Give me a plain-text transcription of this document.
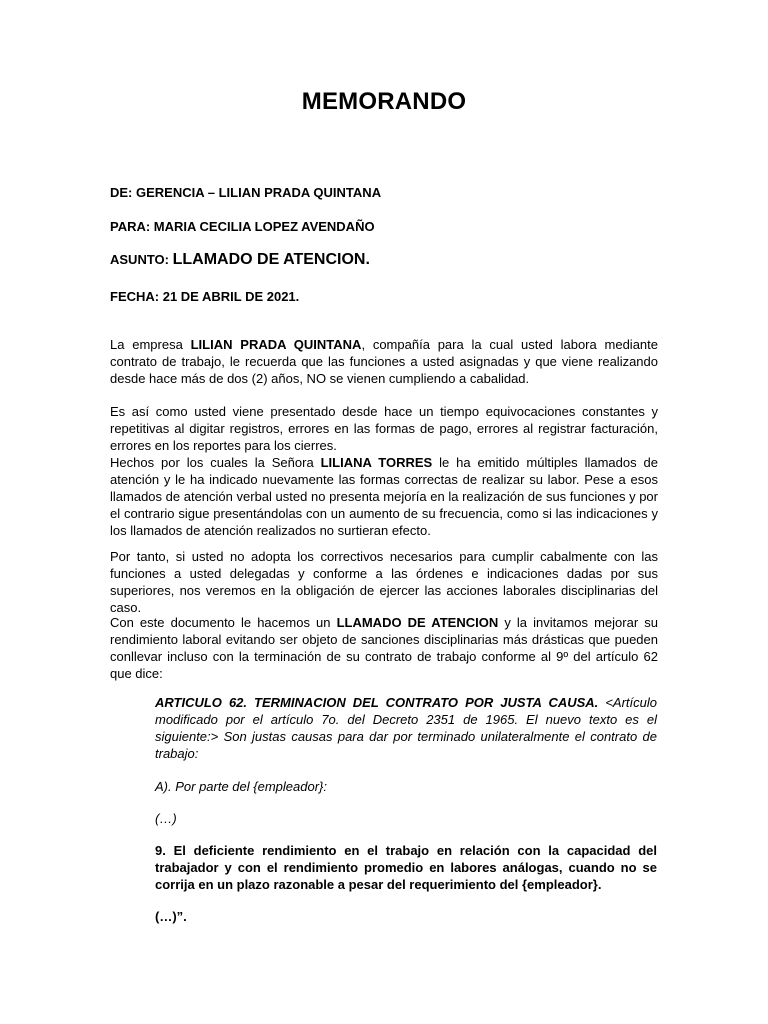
MEMORANDO
DE: GERENCIA – LILIAN PRADA QUINTANA
PARA: MARIA CECILIA LOPEZ AVENDAÑO
ASUNTO: LLAMADO DE ATENCION.
FECHA: 21 DE ABRIL DE 2021.
La empresa LILIAN PRADA QUINTANA, compañía para la cual usted labora mediante contrato de trabajo, le recuerda que las funciones a usted asignadas y que viene realizando desde hace más de dos (2) años, NO se vienen cumpliendo a cabalidad.
Es así como usted viene presentado desde hace un tiempo equivocaciones constantes y repetitivas al digitar registros, errores en las formas de pago, errores al registrar facturación, errores en los reportes para los cierres.
Hechos por los cuales la Señora LILIANA TORRES le ha emitido múltiples llamados de atención y le ha indicado nuevamente las formas correctas de realizar su labor. Pese a esos llamados de atención verbal usted no presenta mejoría en la realización de sus funciones y por el contrario sigue presentándolas con un aumento de su frecuencia, como si las indicaciones y los llamados de atención realizados no surtieran efecto.
Por tanto, si usted no adopta los correctivos necesarios para cumplir cabalmente con las funciones a usted delegadas y conforme a las órdenes e indicaciones dadas por sus superiores, nos veremos en la obligación de ejercer las acciones laborales disciplinarias del caso.
Con este documento le hacemos un LLAMADO DE ATENCION y la invitamos mejorar su rendimiento laboral evitando ser objeto de sanciones disciplinarias más drásticas que pueden conllevar incluso con la terminación de su contrato de trabajo conforme al 9º del artículo 62 que dice:
ARTICULO 62. TERMINACION DEL CONTRATO POR JUSTA CAUSA. <Artículo modificado por el artículo 7o. del Decreto 2351 de 1965. El nuevo texto es el siguiente:> Son justas causas para dar por terminado unilateralmente el contrato de trabajo:
A). Por parte del {empleador}:
(…)
9. El deficiente rendimiento en el trabajo en relación con la capacidad del trabajador y con el rendimiento promedio en labores análogas, cuando no se corrija en un plazo razonable a pesar del requerimiento del {empleador}.
(…)”.
